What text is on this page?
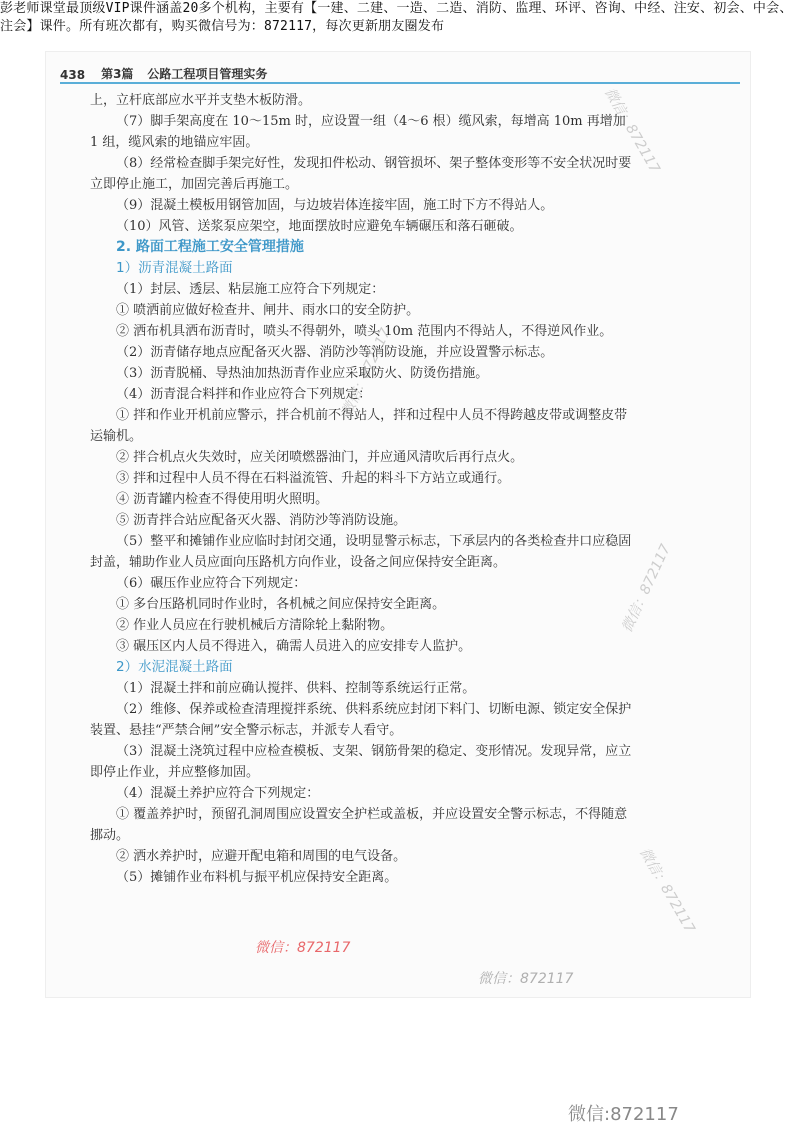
彭老师课堂最顶级VIP课件涵盖20多个机构，主要有【一建、二建、一造、二造、消防、监理、环评、咨询、中经、注安、初会、中会、注会】课件。所有班次都有，购买微信号为：872117，每次更新朋友圈发布
438 第3篇 公路工程项目管理实务

上，立杆底部应水平并支垫木板防滑。

（7）脚手架高度在 10～15m 时，应设置一组（4～6 根）缆风索，每增高 10m 再增加 1 组，缆风索的地锚应牢固。

（8）经常检查脚手架完好性，发现扣件松动、钢管损坏、架子整体变形等不安全状况时要立即停止施工，加固完善后再施工。

（9）混凝土模板用钢管加固，与边坡岩体连接牢固，施工时下方不得站人。

（10）风管、送浆泵应架空，地面摆放时应避免车辆碾压和落石砸破。

2. 路面工程施工安全管理措施

1）沥青混凝土路面

（1）封层、透层、粘层施工应符合下列规定：

① 喷洒前应做好检查井、闸井、雨水口的安全防护。

② 洒布机具洒布沥青时，喷头不得朝外，喷头 10m 范围内不得站人，不得逆风作业。

（2）沥青储存地点应配备灭火器、消防沙等消防设施，并应设置警示标志。

（3）沥青脱桶、导热油加热沥青作业应采取防火、防烫伤措施。

（4）沥青混合料拌和作业应符合下列规定：

① 拌和作业开机前应警示，拌合机前不得站人，拌和过程中人员不得跨越皮带或调整皮带运输机。

② 拌合机点火失效时，应关闭喷燃器油门，并应通风清吹后再行点火。

③ 拌和过程中人员不得在石料溢流管、升起的料斗下方站立或通行。

④ 沥青罐内检查不得使用明火照明。

⑤ 沥青拌合站应配备灭火器、消防沙等消防设施。

（5）整平和摊铺作业应临时封闭交通，设明显警示标志，下承层内的各类检查井口应稳固封盖，辅助作业人员应面向压路机方向作业，设备之间应保持安全距离。

（6）碾压作业应符合下列规定：

① 多台压路机同时作业时，各机械之间应保持安全距离。

② 作业人员应在行驶机械后方清除轮上黏附物。

③ 碾压区内人员不得进入，确需人员进入的应安排专人监护。

2）水泥混凝土路面

（1）混凝土拌和前应确认搅拌、供料、控制等系统运行正常。

（2）维修、保养或检查清理搅拌系统、供料系统应封闭下料门、切断电源、锁定安全保护装置、悬挂“严禁合闸”安全警示标志，并派专人看守。

（3）混凝土浇筑过程中应检查模板、支架、钢筋骨架的稳定、变形情况。发现异常，应立即停止作业，并应整修加固。

（4）混凝土养护应符合下列规定：

① 覆盖养护时，预留孔洞周围应设置安全护栏或盖板，并应设置安全警示标志，不得随意挪动。

② 洒水养护时，应避开配电箱和周围的电气设备。

（5）摊铺作业布料机与振平机应保持安全距离。

微信：872117
微信：872117
微信：872117
微信：872117
微信：872117
微信：872117
微信:872117
